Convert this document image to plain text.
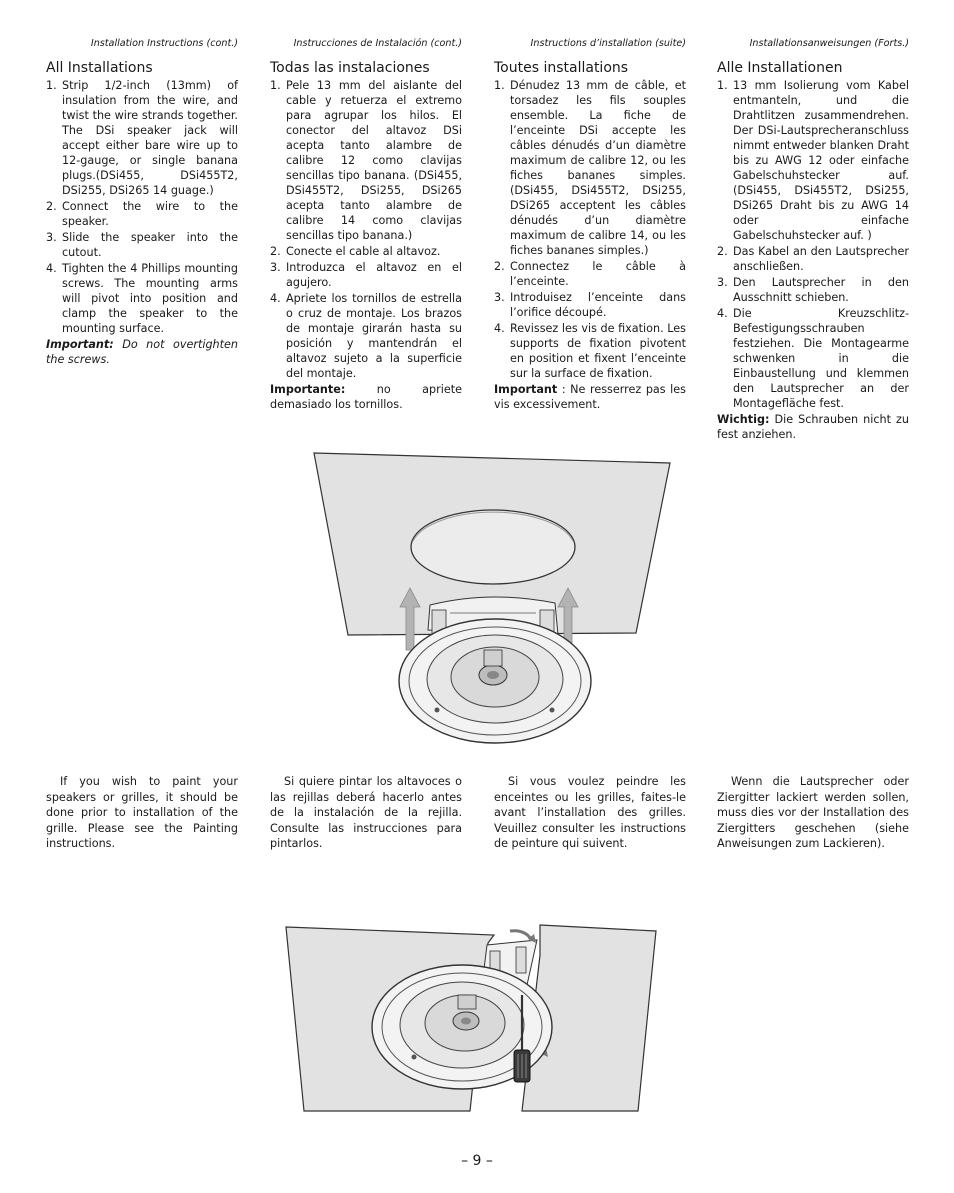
Installation Instructions (cont.)
All Installations
1. Strip 1/2-inch (13mm) of insulation from the wire, and twist the wire strands together. The DSi speaker jack will accept either bare wire up to 12-gauge, or single banana plugs.(DSi455, DSi455T2, DSi255, DSi265 14 guage.)
2. Connect the wire to the speaker.
3. Slide the speaker into the cutout.
4. Tighten the 4 Phillips mounting screws. The mounting arms will pivot into position and clamp the speaker to the mounting surface.
Important: Do not overtighten the screws.
Instrucciones de Instalación (cont.)
Todas las instalaciones
1. Pele 13 mm del aislante del cable y retuerza el extremo para agrupar los hilos. El conector del altavoz DSi acepta tanto alambre de calibre 12 como clavijas sencillas tipo banana. (DSi455, DSi455T2, DSi255, DSi265 acepta tanto alambre de calibre 14 como clavijas sencillas tipo banana.)
2. Conecte el cable al altavoz.
3. Introduzca el altavoz en el agujero.
4. Apriete los tornillos de estrella o cruz de montaje. Los brazos de montaje girarán hasta su posición y mantendrán el altavoz sujeto a la superficie del montaje.
Importante:	no apriete demasiado los tornillos.
Instructions d’installation (suite)
Toutes installations
1. Dénudez 13 mm de câble, et torsadez les fils souples ensemble. La fiche de l’enceinte DSi accepte les câbles dénudés d’un diamètre maximum de calibre 12, ou les fiches bananes simples. (DSi455, DSi455T2, DSi255, DSi265 acceptent les câbles dénudés d’un diamètre maximum de calibre 14, ou les fiches bananes simples.)
2. Connectez le câble à l’enceinte.
3. Introduisez l’enceinte dans l’orifice découpé.
4. Revissez les vis de fixation. Les supports de fixation pivotent en position et fixent l’enceinte sur la surface de fixation.
Important : Ne resserrez pas les vis excessivement.
Installationsanweisungen (Forts.)
Alle Installationen
1. 13 mm Isolierung vom Kabel entmanteln, und die Drahtlitzen zusammendrehen. Der DSi-Lautsprecheranschluss nimmt entweder blanken Draht bis zu AWG 12 oder einfache Gabelschuhstecker auf. (DSi455, DSi455T2, DSi255, DSi265 Draht bis zu AWG 14 oder einfache Gabelschuhstecker auf. )
2. Das Kabel an den Lautsprecher anschließen.
3. Den Lautsprecher in den Ausschnitt schieben.
4. Die Kreuzschlitz-Befestigungsschrauben festziehen. Die Montagearme schwenken in die Einbaustellung und klemmen den Lautsprecher an der Montagefläche fest.
Wichtig: Die Schrauben nicht zu fest anziehen.
If you wish to paint your speakers or grilles, it should be done prior to installation of the grille. Please see the Painting instructions.
Si quiere pintar los altavoces o las rejillas deberá hacerlo antes de la instalación de la rejilla. Consulte las instrucciones para pintarlos.
Si vous voulez peindre les enceintes ou les grilles, faites-le avant l’installation des grilles. Veuillez consulter les instructions de peinture qui suivent.
Wenn die Lautsprecher oder Ziergitter lackiert werden sollen, muss dies vor der Installation des Ziergitters geschehen (siehe Anweisungen zum Lackieren).
– 9 –
